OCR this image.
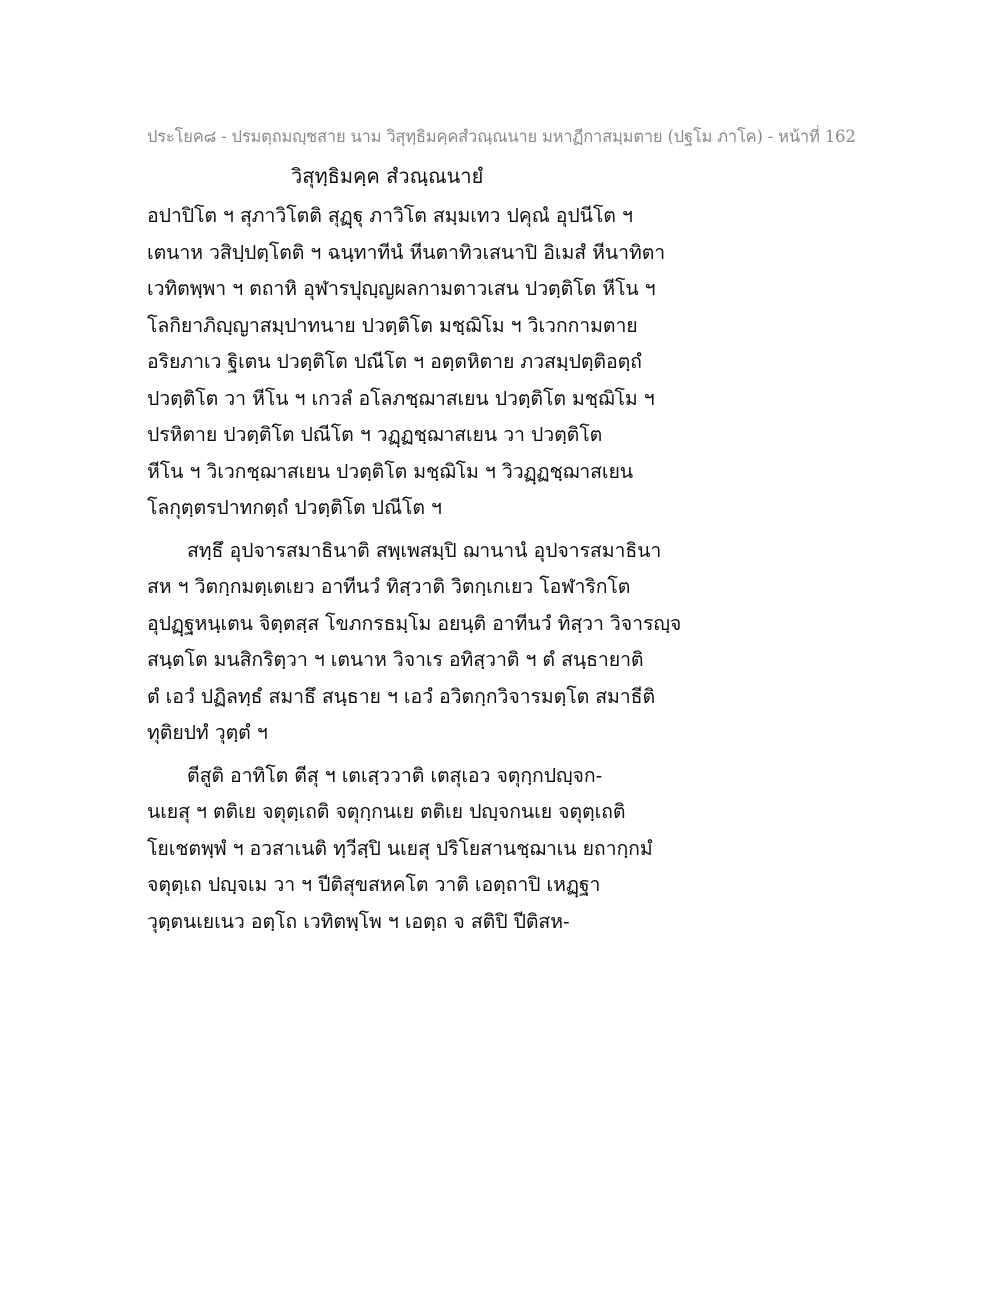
ประโยค๘ - ปรมตฺถมญฺชสาย นาม วิสุทฺธิมคฺคสํวณฺณนาย มหาฏีกาสมฺมตาย (ปฐโม ภาโค) - หน้าที่ 162
วิสุทฺธิมคฺค สํวณฺณนายํ
อปาปิโต ฯ สุภาวิโตติ สุฏฺฐุ ภาวิโต สมฺมเทว ปคุณํ อุปนีโต ฯ
เตนาห วสิปฺปตฺโตติ ฯ ฉนฺทาทีนํ หีนตาทิวเสนาปิ อิเมสํ หีนาทิตา
เวทิตพฺพา ฯ ตถาหิ อุฬารปุญฺญผลกามตาวเสน ปวตฺติโต หีโน ฯ
โลกิยาภิญฺญาสมฺปาทนาย ปวตฺติโต มชฺฌิโม ฯ วิเวกกามตาย
อริยภาเว ฐิเตน ปวตฺติโต ปณีโต ฯ อตฺตหิตาย ภวสมฺปตฺติอตฺถํ
ปวตฺติโต วา หีโน ฯ เกวลํ อโลภชฺฌาสเยน ปวตฺติโต มชฺฌิโม ฯ
ปรหิตาย ปวตฺติโต ปณีโต ฯ วฏฺฏชฺฌาสเยน วา ปวตฺติโต
หีโน ฯ วิเวกชฺฌาสเยน ปวตฺติโต มชฺฌิโม ฯ วิวฏฺฏชฺฌาสเยน
โลกุตฺตรปาทกตฺถํ ปวตฺติโต ปณีโต ฯ
สทฺธึ อุปจารสมาธินาติ สพฺเพสมฺปิ ฌานานํ อุปจารสมาธินา
สห ฯ วิตกฺกมตฺเตเยว อาทีนวํ ทิสฺวาติ วิตกฺเกเยว โอฬาริกโต
อุปฏฺฐหนฺเตน จิตฺตสฺส โขภกรธมฺโม อยนฺติ อาทีนวํ ทิสฺวา วิจารญฺจ
สนฺตโต มนสิกริตฺวา ฯ เตนาห วิจาเร อทิสฺวาติ ฯ ตํ สนฺธายาติ
ตํ เอวํ ปฏิลทฺธํ สมาธึ สนฺธาย ฯ เอวํ อวิตกฺกวิจารมตฺโต สมาธีติ
ทุติยปทํ วุตฺตํ ฯ
ตีสูติ อาทิโต ตีสุ ฯ เตเสฺววาติ เตสุเอว จตุกฺกปญฺจก-
นเยสุ ฯ ตติเย จตุตฺเถติ จตุกฺกนเย ตติเย ปญฺจกนเย จตุตฺเถติ
โยเชตพฺพํ ฯ อวสาเนติ ทฺวีสฺปิ นเยสุ ปริโยสานชฺฌาเน ยถากฺกมํ
จตุตฺเถ ปญฺจเม วา ฯ ปีติสุขสหคโต วาติ เอตฺถาปิ เหฏฺฐา
วุตฺตนเยเนว อตฺโถ เวทิตพฺโพ ฯ เอตฺถ จ สติปิ ปีติสห-
